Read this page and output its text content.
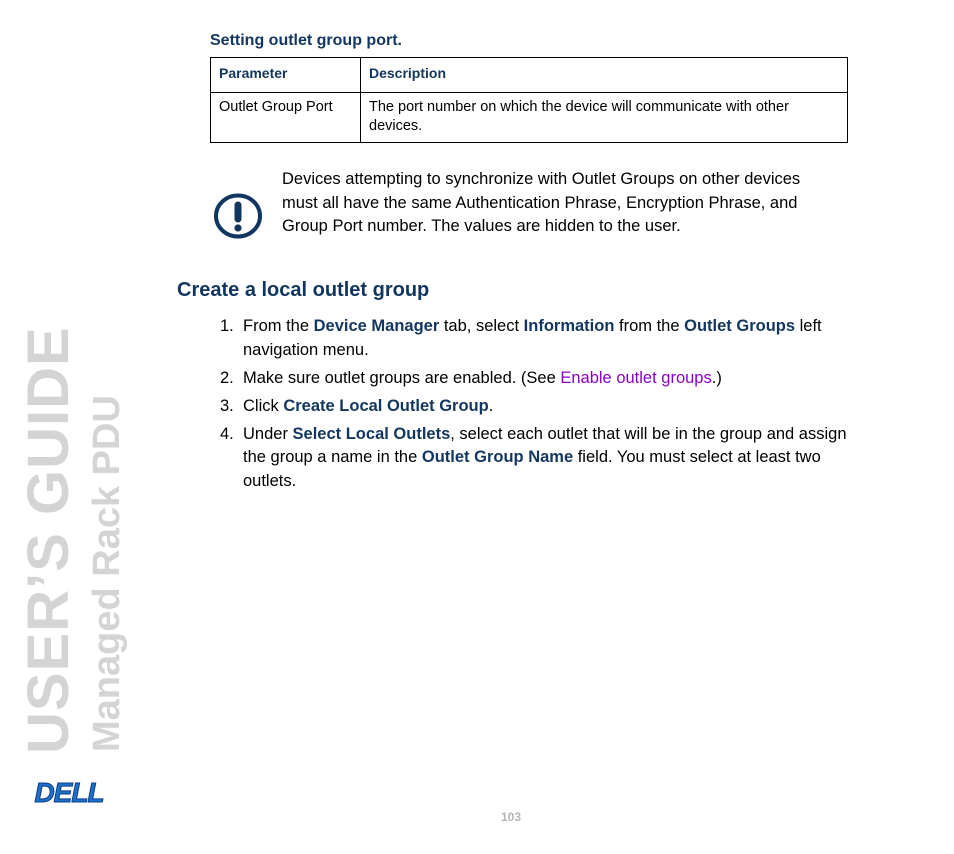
USER’S GUIDE Managed Rack PDU
DELL
Setting outlet group port.
Parameter	Description
Outlet Group Port	The port number on which the device will communicate with other devices.
Devices attempting to synchronize with Outlet Groups on other devices must all have the same Authentication Phrase, Encryption Phrase, and Group Port number. The values are hidden to the user.
Create a local outlet group
1. From the Device Manager tab, select Information from the Outlet Groups left navigation menu.
2. Make sure outlet groups are enabled. (See Enable outlet groups.)
3. Click Create Local Outlet Group.
4. Under Select Local Outlets, select each outlet that will be in the group and assign the group a name in the Outlet Group Name field. You must select at least two outlets.
103
